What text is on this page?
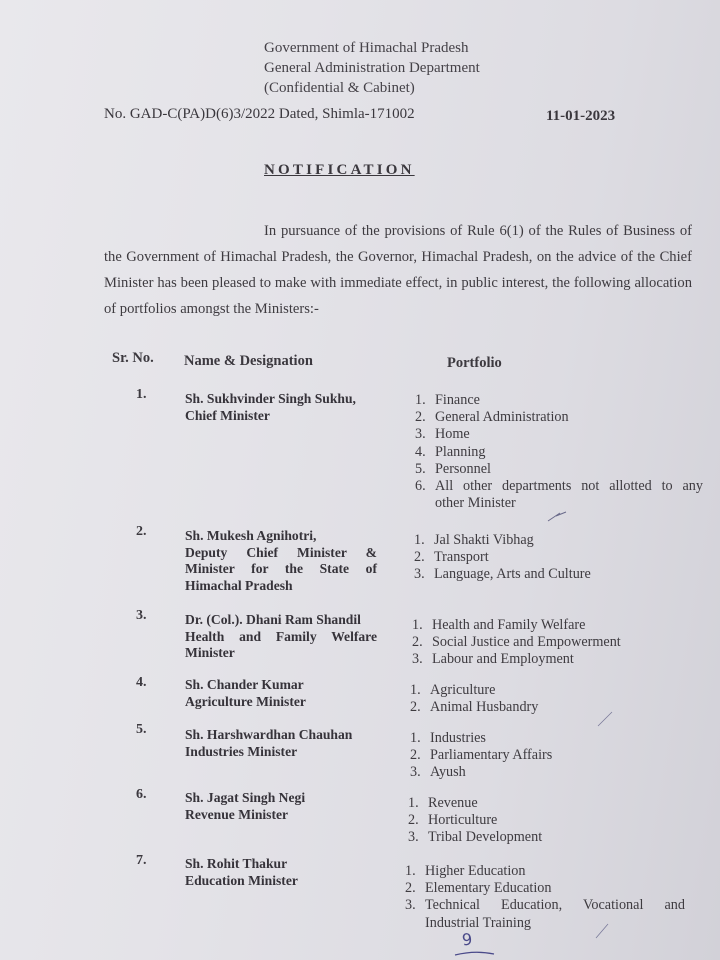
Government of Himachal Pradesh
General Administration Department
(Confidential & Cabinet)
No. GAD-C(PA)D(6)3/2022 Dated, Shimla-171002	11-01-2023
NOTIFICATION
In pursuance of the provisions of Rule 6(1) of the Rules of Business of the Government of Himachal Pradesh, the Governor, Himachal Pradesh, on the advice of the Chief Minister has been pleased to make with immediate effect, in public interest, the following allocation of portfolios amongst the Ministers:-
Sr. No. Name & Designation	Portfolio
1.	Sh. Sukhvinder Singh Sukhu,
Chief Minister
1. Finance
2. General Administration
3. Home
4. Planning
5. Personnel
6. All other departments not allotted to any
other Minister
2.	Sh. Mukesh Agnihotri,
Deputy Chief Minister &
Minister for the State of
Himachal Pradesh
1. Jal Shakti Vibhag
2. Transport
3. Language, Arts and Culture
3.	Dr. (Col.). Dhani Ram Shandil
Health and Family Welfare
Minister
1. Health and Family Welfare
2. Social Justice and Empowerment
3. Labour and Employment
4.	Sh. Chander Kumar
Agriculture Minister
1. Agriculture
2. Animal Husbandry
5.	Sh. Harshwardhan Chauhan
Industries Minister
1. Industries
2. Parliamentary Affairs
3. Ayush
6.	Sh. Jagat Singh Negi
Revenue Minister
1. Revenue
2. Horticulture
3. Tribal Development
7.	Sh. Rohit Thakur
Education Minister
1. Higher Education
2. Elementary Education
3. Technical Education, Vocational and
Industrial Training
9
